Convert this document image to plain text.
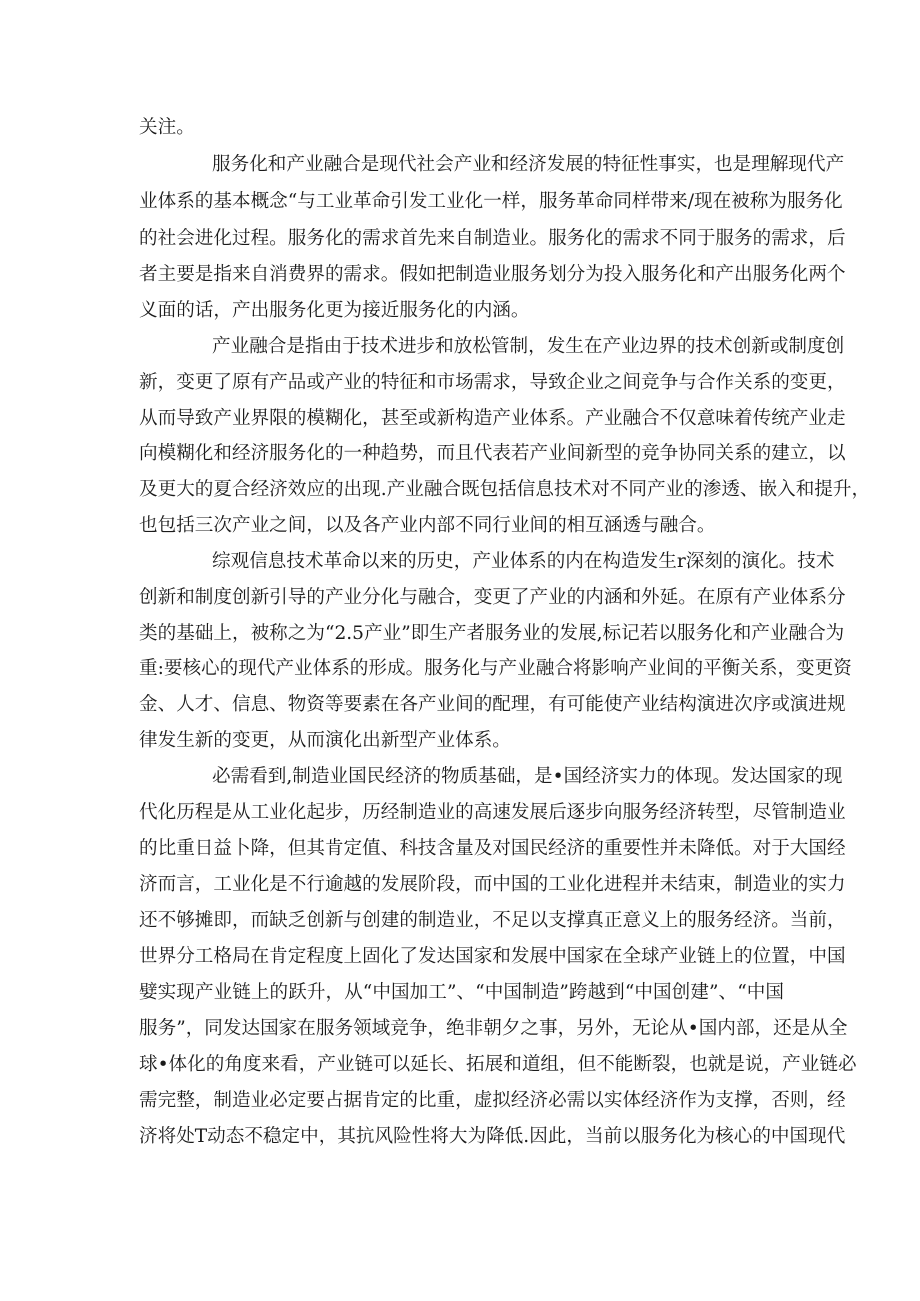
关注。
服务化和产业融合是现代社会产业和经济发展的特征性事实，也是理解现代产
业体系的基本概念“与工业革命引发工业化一样，服务革命同样带来/现在被称为服务化
的社会进化过程。服务化的需求首先来自制造业。服务化的需求不同于服务的需求，后
者主要是指来自消费界的需求。假如把制造业服务划分为投入服务化和产出服务化两个
义面的话，产出服务化更为接近服务化的内涵。
产业融合是指由于技术进步和放松管制，发生在产业边界的技术创新或制度创
新，变更了原有产品或产业的特征和市场需求，导致企业之间竞争与合作关系的变更，
从而导致产业界限的模糊化，甚至或新构造产业体系。产业融合不仅意味着传统产业走
向模糊化和经济服务化的一种趋势，而且代表若产业间新型的竞争协同关系的建立，以
及更大的夏合经济效应的出现.产业融合既包括信息技术对不同产业的渗透、嵌入和提升，
也包括三次产业之间，以及各产业内部不同行业间的相互涵透与融合。
综观信息技术革命以来的历史，产业体系的内在构造发生r深刻的演化。技术
创新和制度创新引导的产业分化与融合，变更了产业的内涵和外延。在原有产业体系分
类的基础上，被称之为“2.5产业”即生产者服务业的发展,标记若以服务化和产业融合为
重:要核心的现代产业体系的形成。服务化与产业融合将影响产业间的平衡关系，变更资
金、人才、信息、物资等要素在各产业间的配理，有可能使产业结构演进次序或演进规
律发生新的变更，从而演化出新型产业体系。
必需看到,制造业国民经济的物质基础，是•国经济实力的体现。发达国家的现
代化历程是从工业化起步，历经制造业的高速发展后逐步向服务经济转型，尽管制造业
的比重日益卜降，但其肯定值、科技含量及对国民经济的重要性并未降低。对于大国经
济而言，工业化是不行逾越的发展阶段，而中国的工业化进程并未结束，制造业的实力
还不够摊即，而缺乏创新与创建的制造业，不足以支撑真正意义上的服务经济。当前，
世界分工格局在肯定程度上固化了发达国家和发展中国家在全球产业链上的位置，中国
嬖实现产业链上的跃升，从“中国加工”、“中国制造”跨越到“中国创建”、“中国
服务”，同发达国家在服务领域竞争，绝非朝夕之事，另外，无论从•国内部，还是从全
球•体化的角度来看，产业链可以延长、拓展和道组，但不能断裂，也就是说，产业链必
需完整，制造业必定要占据肯定的比重，虚拟经济必需以实体经济作为支撑，否则，经
济将处T动态不稳定中，其抗风险性将大为降低.因此，当前以服务化为核心的中国现代
